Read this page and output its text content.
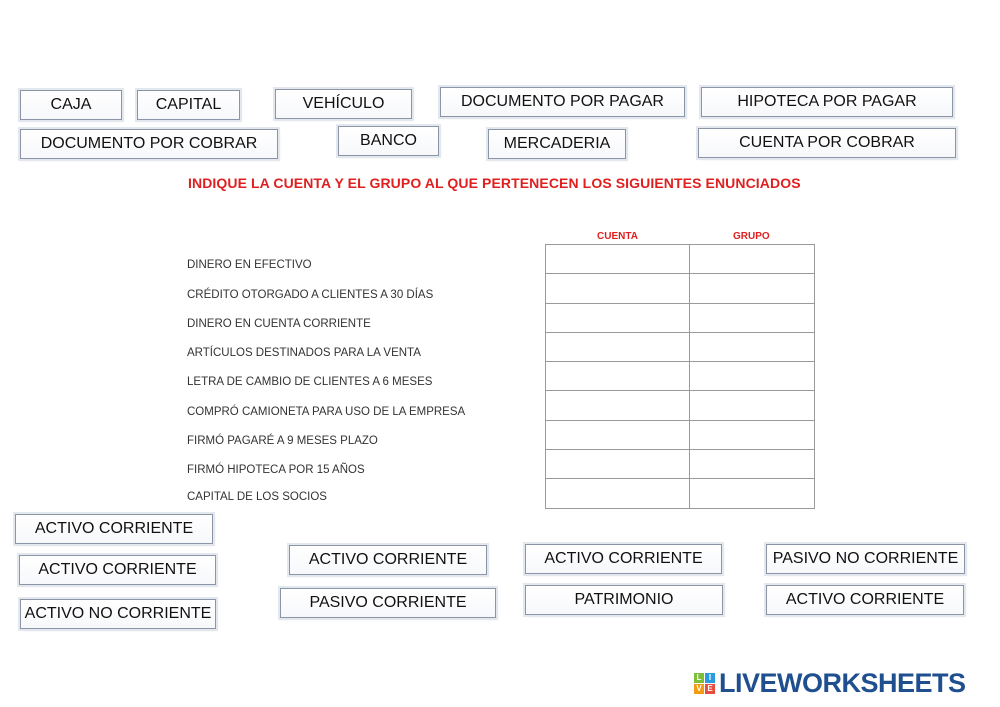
CAJA	CAPITAL	VEHÍCULO	DOCUMENTO POR PAGAR	HIPOTECA POR PAGAR
DOCUMENTO POR COBRAR	BANCO	MERCADERIA	CUENTA POR COBRAR
INDIQUE LA CUENTA Y EL GRUPO AL QUE PERTENECEN LOS SIGUIENTES ENUNCIADOS
CUENTA	GRUPO
DINERO EN EFECTIVO
CRÉDITO OTORGADO A CLIENTES A 30 DÍAS
DINERO EN CUENTA CORRIENTE
ARTÍCULOS DESTINADOS PARA LA VENTA
LETRA DE CAMBIO DE CLIENTES A 6 MESES
COMPRÓ CAMIONETA PARA USO DE LA EMPRESA
FIRMÓ PAGARÉ A 9 MESES PLAZO
FIRMÓ HIPOTECA POR 15 AÑOS
CAPITAL DE LOS SOCIOS

ACTIVO CORRIENTE
ACTIVO CORRIENTE
ACTIVO NO CORRIENTE
ACTIVO CORRIENTE
PASIVO CORRIENTE
ACTIVO CORRIENTE
PATRIMONIO
PASIVO NO CORRIENTE
ACTIVO CORRIENTE
L I
V E LIVEWORKSHEETS
